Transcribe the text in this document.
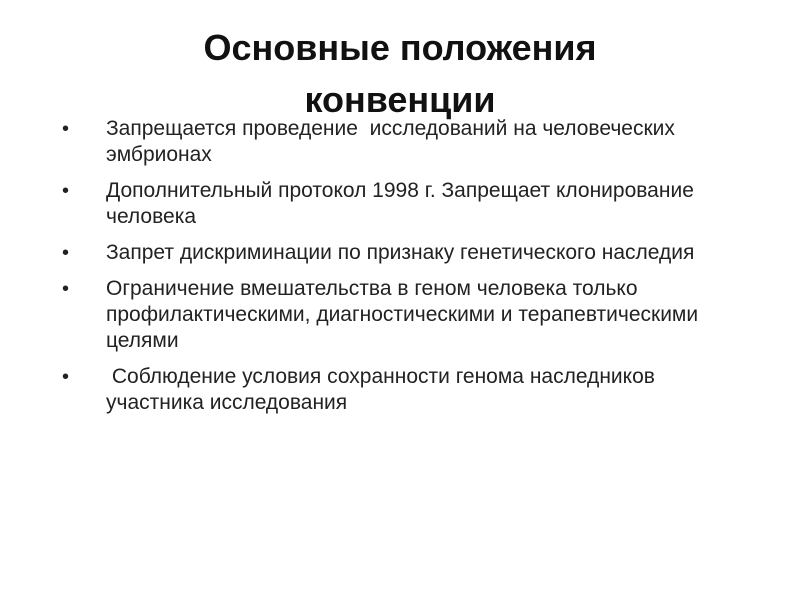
Основные положения
конвенции
•	Запрещается проведение  исследований на человеческих эмбрионах
•	Дополнительный протокол 1998 г. Запрещает клонирование человека
•	Запрет дискриминации по признаку генетического наследия
•	Ограничение вмешательства в геном человека только профилактическими, диагностическими и терапевтическими целями
•	Соблюдение условия сохранности генома наследников  участника исследования
